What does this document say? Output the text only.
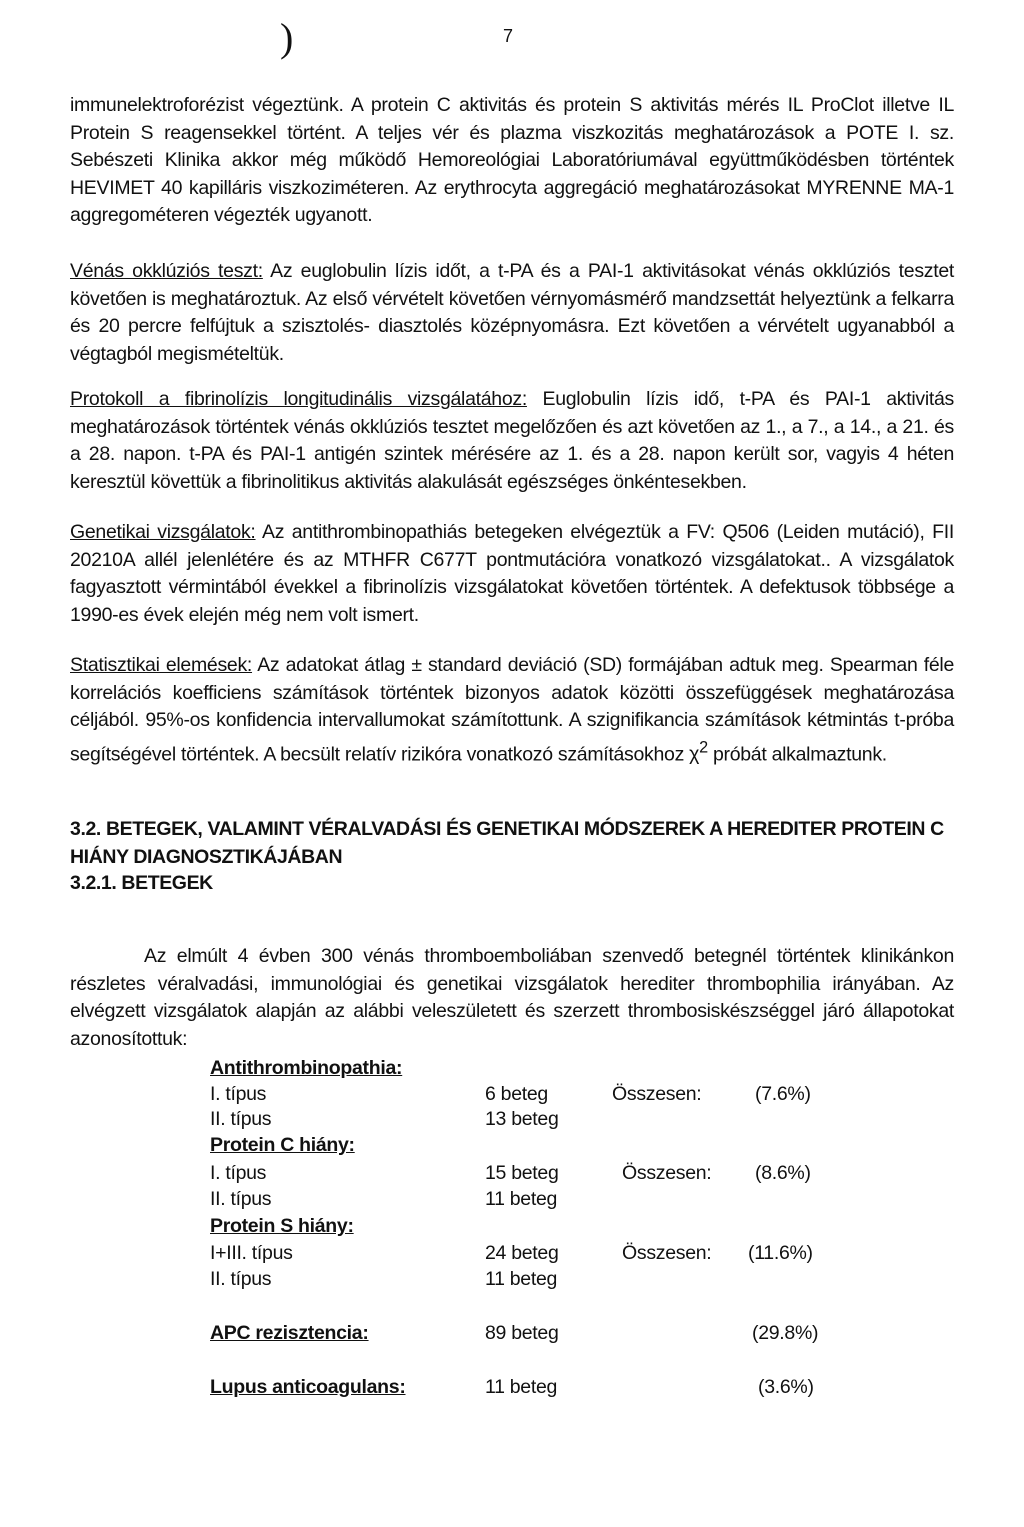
)	7
immunelektroforézist végeztünk. A protein C aktivitás és protein S aktivitás mérés IL ProClot illetve IL Protein S reagensekkel történt. A teljes vér és plazma viszkozitás meghatározások a POTE I. sz. Sebészeti Klinika akkor még működő Hemoreológiai Laboratóriumával együttműködésben történtek HEVIMET 40 kapilláris viszkoziméteren. Az erythrocyta aggregáció meghatározásokat MYRENNE MA-1 aggregométeren végezték ugyanott.
Vénás okklúziós teszt: Az euglobulin lízis időt, a t-PA és a PAI-1 aktivitásokat vénás okklúziós tesztet követően is meghatároztuk. Az első vérvételt követően vérnyomásmérő mandzsettát helyeztünk a felkarra és 20 percre felfújtuk a szisztolés- diasztolés középnyomásra. Ezt követően a vérvételt ugyanabból a végtagból megismételtük.
Protokoll a fibrinolízis longitudinális vizsgálatához: Euglobulin lízis idő, t-PA és PAI-1 aktivitás meghatározások történtek vénás okklúziós tesztet megelőzően és azt követően az 1., a 7., a 14., a 21. és a 28. napon. t-PA és PAI-1 antigén szintek mérésére az 1. és a 28. napon került sor, vagyis 4 héten keresztül követtük a fibrinolitikus aktivitás alakulását egészséges önkéntesekben.
Genetikai vizsgálatok: Az antithrombinopathiás betegeken elvégeztük a FV: Q506 (Leiden mutáció), FII 20210A allél jelenlétére és az MTHFR C677T pontmutációra vonatkozó vizsgálatokat.. A vizsgálatok fagyasztott vérmintából évekkel a fibrinolízis vizsgálatokat követően történtek. A defektusok többsége a 1990-es évek elején még nem volt ismert.
Statisztikai elemések: Az adatokat átlag ± standard deviáció (SD) formájában adtuk meg. Spearman féle korrelációs koefficiens számítások történtek bizonyos adatok közötti összefüggések meghatározása céljából. 95%-os konfidencia intervallumokat számítottunk. A szignifikancia számítások kétmintás t-próba segítségével történtek. A becsült relatív rizikóra vonatkozó számításokhoz $\chi^2$ próbát alkalmaztunk.
3.2. BETEGEK, VALAMINT VÉRALVADÁSI ÉS GENETIKAI MÓDSZEREK A HEREDITER PROTEIN C HIÁNY DIAGNOSZTIKÁJÁBAN
3.2.1. BETEGEK
Az elmúlt 4 évben 300 vénás thromboemboliában szenvedő betegnél történtek klinikánkon részletes véralvadási, immunológiai és genetikai vizsgálatok herediter thrombophilia irányában. Az elvégzett vizsgálatok alapján az alábbi veleszületett és szerzett thrombosiskészséggel járó állapotokat azonosítottuk:
Antithrombinopathia:
I. típus	6 beteg	Összesen:	(7.6%)
II. típus	13 beteg
Protein C hiány:
I. típus	15 beteg	Összesen: (8.6%)
II. típus	11 beteg
Protein S hiány:
I+III. típus	24 beteg	Összesen: (11.6%)
II. típus	11 beteg
APC rezisztencia:	89 beteg	(29.8%)
Lupus anticoagulans:	11 beteg	(3.6%)
